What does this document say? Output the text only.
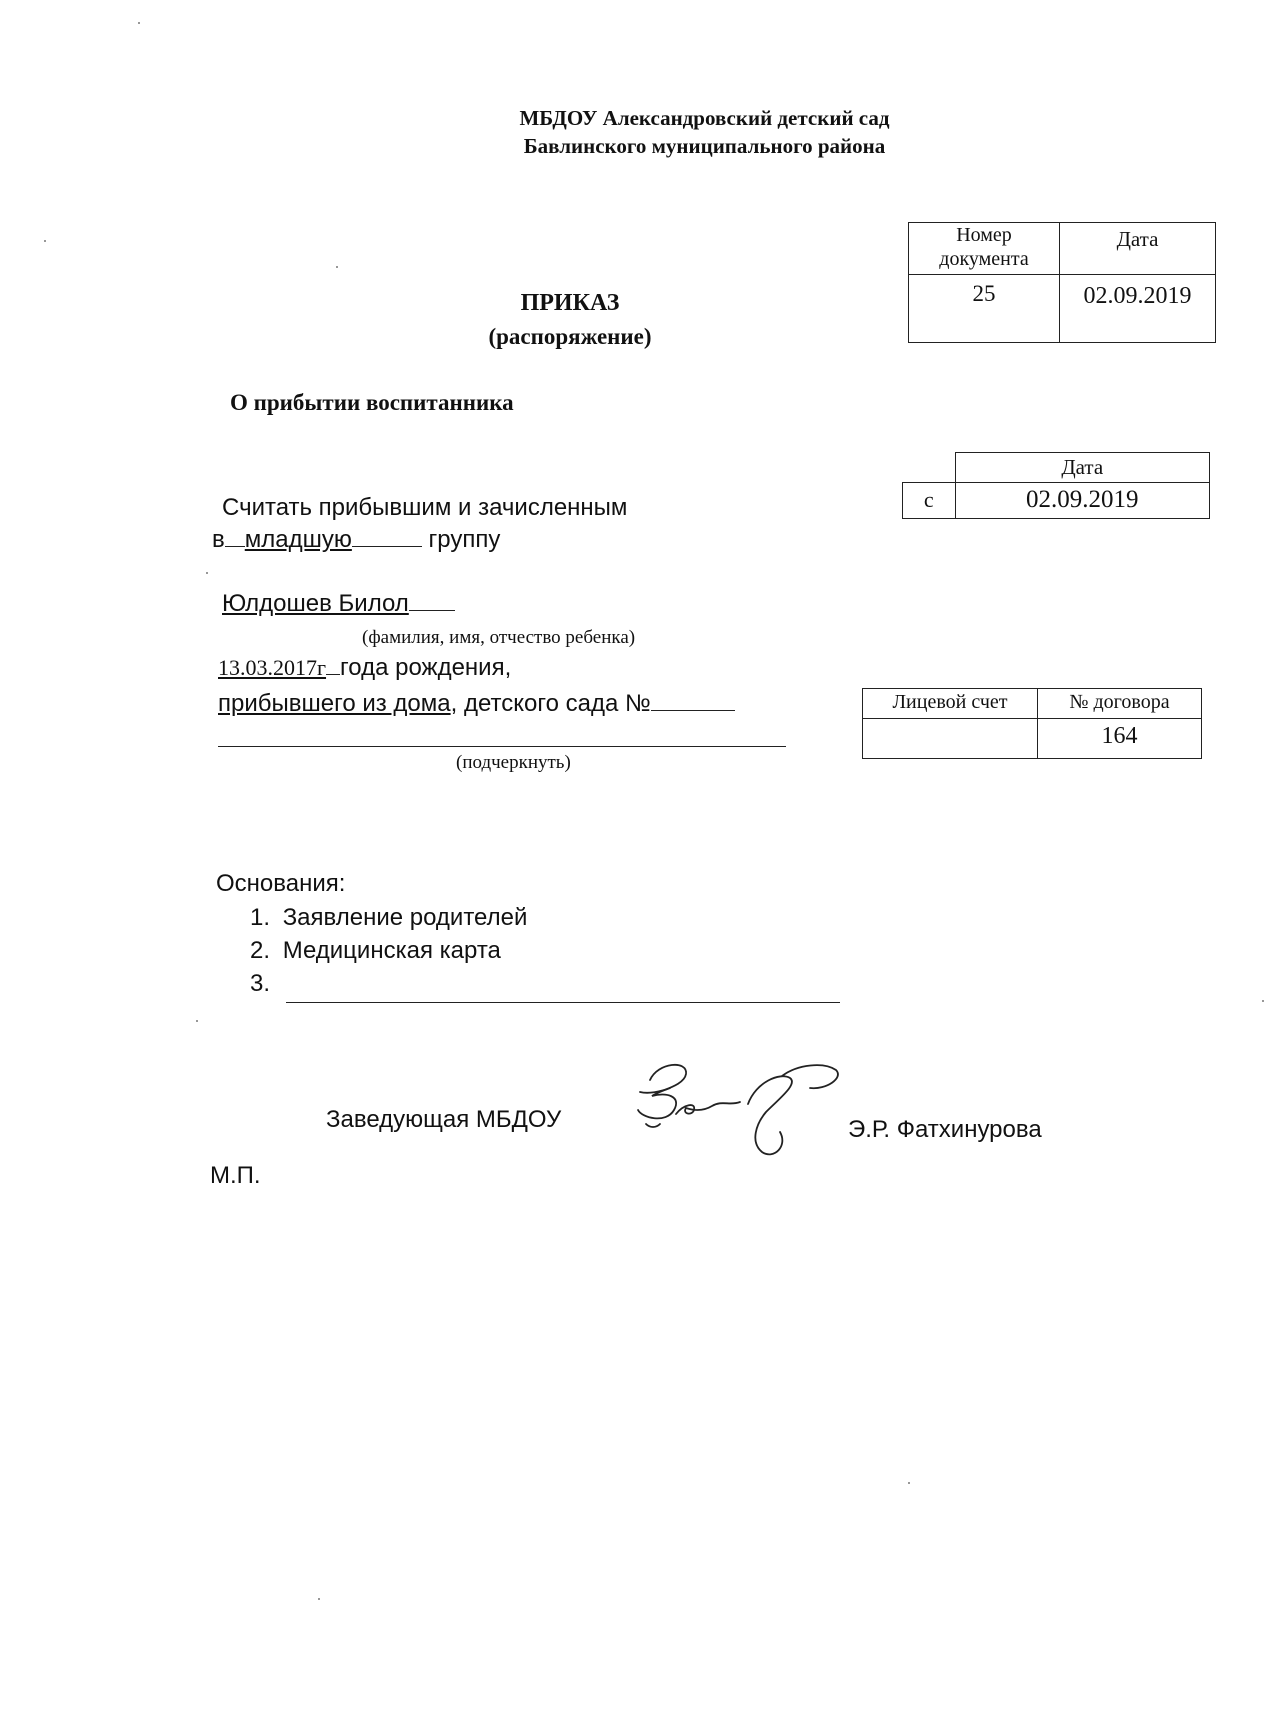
МБДОУ Александровский детский сад
Бавлинского муниципального района
Номер документа	Дата
25	02.09.2019
ПРИКАЗ
(распоряжение)
О прибытии воспитанника
	Дата
с	02.09.2019
Считать прибывшим и зачисленным
в младшую	группу
Юлдошев Билол
(фамилия, имя, отчество ребенка)
13.03.2017г года рождения,
прибывшего из дома, детского сада №
(подчеркнуть)
Лицевой счет	№ договора
	164
Основания:
1. Заявление родителей
2. Медицинская карта
3.
Заведующая МБДОУ	Э.Р. Фатхинурова
М.П.
